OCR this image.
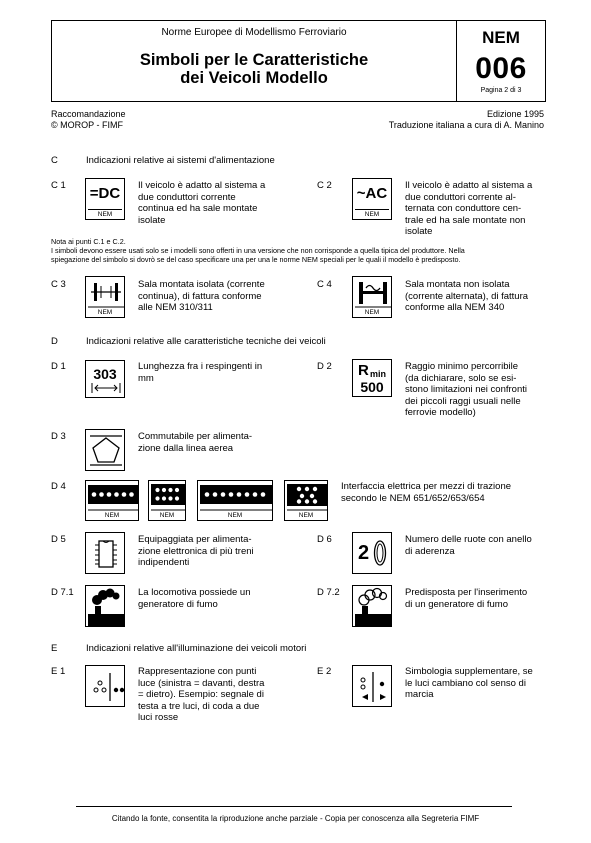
Norme Europee di Modellismo Ferroviario
Simboli per le Caratteristiche
dei Veicoli Modello
NEM
006
Pagina 2 di 3
Raccomandazione
© MOROP - FIMF
Edizione 1995
Traduzione italiana a cura di A. Manino
C	Indicazioni relative ai sistemi d'alimentazione
C 1 =DC
NEM
Il veicolo è adatto al sistema a
due conduttori corrente
continua ed ha sale montate
isolate
C 2 ~AC
NEM
Il veicolo è adatto al sistema a
due conduttori corrente al-
ternata con conduttore cen-
trale ed ha sale montate non
isolate
Nota ai punti C.1 e C.2.
I simboli devono essere usati solo se i modelli sono offerti in una versione che non corrisponde a quella tipica del produttore. Nella
spiegazione del simbolo si dovrò se del caso specificare una per una le norme NEM speciali per le quali il modello è predisposto.
C 3
NEM
Sala montata isolata (corrente
continua), di fattura conforme
alle NEM 310/311
C 4
NEM
Sala montata non isolata
(corrente alternata), di fattura
conforme alla NEM 340
D	Indicazioni relative alle caratteristiche tecniche dei veicoli
D 1	303	Lunghezza fra i respingenti in
mm
D 2 R min
500
Raggio minimo percorribile
(da dichiarare, solo se esi-
stono limitazioni nei confronti
dei piccoli raggi usuali nelle
ferrovie modello)
D 3	Commutabile per alimenta-
zione dalla linea aerea
D 4
NEM	NEM	NEM	NEM
Interfaccia elettrica per mezzi di trazione
secondo le NEM 651/652/653/654
D 5	Equipaggiata per alimenta-
zione elettronica di più treni
indipendenti
D 6
2
Numero delle ruote con anello
di aderenza
D 7.1	La locomotiva possiede un
generatore di fumo
D 7.2	Predisposta per l'inserimento
di un generatore di fumo
E	Indicazioni relative all'illuminazione dei veicoli motori
E 1	Rappresentazione con punti
luce (sinistra = davanti, destra
= dietro). Esempio: segnale di
testa a tre luci, di coda a due
luci rosse
E 2	Simbologia supplementare, se
le luci cambiano col senso di
marcia
Citando la fonte, consentita la riproduzione anche parziale - Copia per conoscenza alla Segreteria FIMF
